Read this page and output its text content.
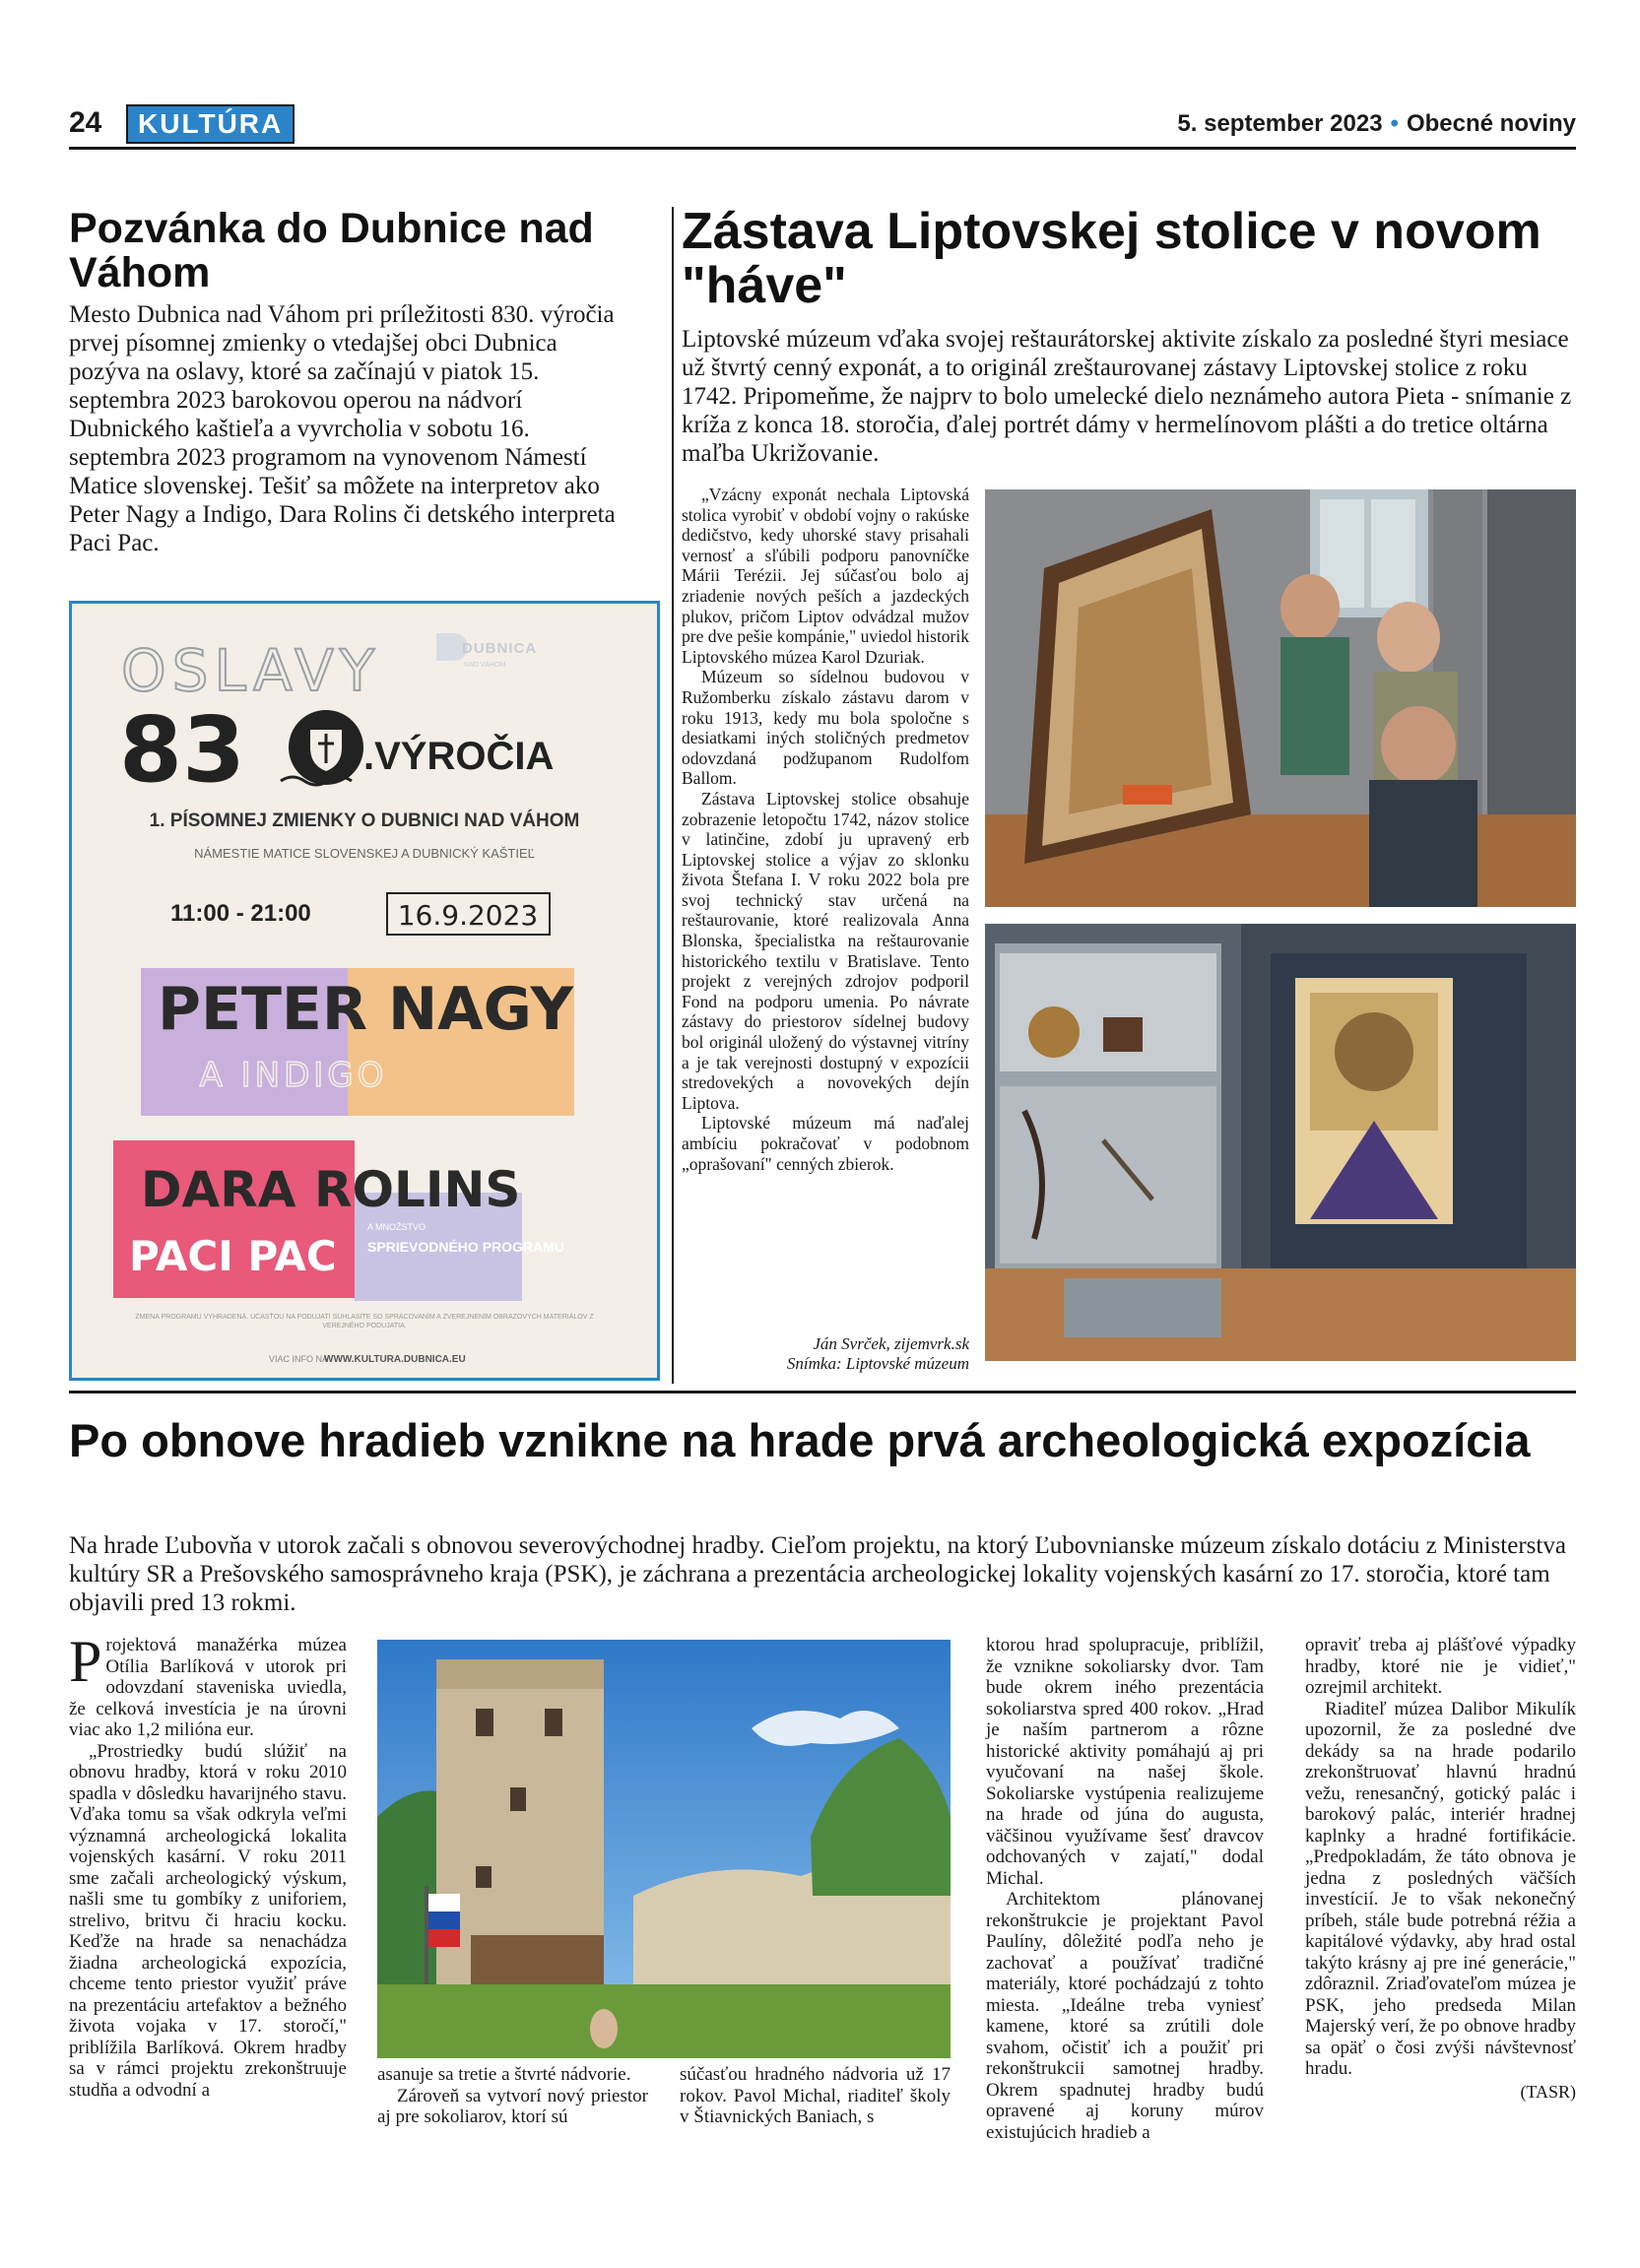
24	KULTÚRA	5. september 2023 • Obecné noviny
Pozvánka do Dubnice nad Váhom

Mesto Dubnica nad Váhom pri príležitosti 830. výročia prvej písomnej zmienky o vtedajšej obci Dubnica pozýva na oslavy, ktoré sa začínajú v piatok 15. septembra 2023 barokovou operou na nádvorí Dubnického kaštieľa a vyvrcholia v sobotu 16. septembra 2023 programom na vynovenom Námestí Matice slovenskej. Tešiť sa môžete na interpretov ako Peter Nagy a Indigo, Dara Rolins či detského interpreta Paci Pac.

DUBNICA
NAD VÁHOM
OSLAVY
83	.VÝROČIA
1. PÍSOMNEJ ZMIENKY O DUBNICI NAD VÁHOM
NÁMESTIE MATICE SLOVENSKEJ A DUBNICKÝ KAŠTIEĽ
11:00 - 21:00	16.9.2023
PETER NAGY
A INDIGO
DARA ROLINS
PACI PAC
A MNOŽSTVO
SPRIEVODNÉHO PROGRAMU
ZMENA PROGRAMU VYHRADENÁ. ÚČASŤOU NA PODUJATÍ SÚHLASÍTE SO SPRACOVANÍM A ZVEREJNENÍM OBRAZOVÝCH MATERIÁLOV Z VEREJNÉHO PODUJATIA.
VIAC INFO NA
WWW.KULTURA.DUBNICA.EU
Zástava Liptovskej stolice v novom "háve"

Liptovské múzeum vďaka svojej reštaurátorskej aktivite získalo za posledné štyri mesiace už štvrtý cenný exponát, a to originál zreštaurovanej zástavy Liptovskej stolice z roku 1742. Pripomeňme, že najprv to bolo umelecké dielo neznámeho autora Pieta - snímanie z kríža z konca 18. storočia, ďalej portrét dámy v hermelínovom plášti a do tretice oltárna maľba Ukrižovanie.

„Vzácny exponát nechala Liptovská stolica vyrobiť v období vojny o rakúske dedičstvo, kedy uhorské stavy prisahali vernosť a sľúbili podporu panovníčke Márii Terézii. Jej súčasťou bolo aj zriadenie nových peších a jazdeckých plukov, pričom Liptov odvádzal mužov pre dve pešie kompánie," uviedol historik Liptovského múzea Karol Dzuriak.

Múzeum so sídelnou budovou v Ružomberku získalo zástavu darom v roku 1913, kedy mu bola spoločne s desiatkami iných stoličných predmetov odovzdaná podžupanom Rudolfom Ballom.

Zástava Liptovskej stolice obsahuje zobrazenie letopočtu 1742, názov stolice v latinčine, zdobí ju upravený erb Liptovskej stolice a výjav zo sklonku života Štefana I. V roku 2022 bola pre svoj technický stav určená na reštaurovanie, ktoré realizovala Anna Blonska, špecialistka na reštaurovanie historického textilu v Bratislave. Tento projekt z verejných zdrojov podporil Fond na podporu umenia. Po návrate zástavy do priestorov sídelnej budovy bol originál uložený do výstavnej vitríny a je tak verejnosti dostupný v expozícii stredovekých a novovekých dejín Liptova.

Liptovské múzeum má naďalej ambíciu pokračovať v podobnom „oprašovaní" cenných zbierok.

Ján Svrček, zijemvrk.sk
Snímka: Liptovské múzeum
Po obnove hradieb vznikne na hrade prvá archeologická expozícia

Na hrade Ľubovňa v utorok začali s obnovou severovýchodnej hradby. Cieľom projektu, na ktorý Ľubovnianske múzeum získalo dotáciu z Ministerstva kultúry SR a Prešovského samosprávneho kraja (PSK), je záchrana a prezentácia archeologickej lokality vojenských kasární zo 17. storočia, ktoré tam objavili pred 13 rokmi.

Projektová manažérka múzea Otília Barlíková v utorok pri odovzdaní staveniska uviedla, že celková investícia je na úrovni viac ako 1,2 milióna eur.

„Prostriedky budú slúžiť na obnovu hradby, ktorá v roku 2010 spadla v dôsledku havarijného stavu. Vďaka tomu sa však odkryla veľmi významná archeologická lokalita vojenských kasární. V roku 2011 sme začali archeologický výskum, našli sme tu gombíky z uniforiem, strelivo, britvu či hraciu kocku. Keďže na hrade sa nenachádza žiadna archeologická expozícia, chceme tento priestor využiť práve na prezentáciu artefaktov a bežného života vojaka v 17. storočí," priblížila Barlíková. Okrem hradby sa v rámci projektu zrekonštruuje studňa a odvodní a

asanuje sa tretie a štvrté nádvorie.

Zároveň sa vytvorí nový priestor aj pre sokoliarov, ktorí sú

súčasťou hradného nádvoria už 17 rokov. Pavol Michal, riaditeľ školy v Štiavnických Baniach, s

ktorou hrad spolupracuje, priblížil, že vznikne sokoliarsky dvor. Tam bude okrem iného prezentácia sokoliarstva spred 400 rokov. „Hrad je naším partnerom a rôzne historické aktivity pomáhajú aj pri vyučovaní na našej škole. Sokoliarske vystúpenia realizujeme na hrade od júna do augusta, väčšinou využívame šesť dravcov odchovaných v zajatí," dodal Michal.

Architektom plánovanej rekonštrukcie je projektant Pavol Paulíny, dôležité podľa neho je zachovať a používať tradičné materiály, ktoré pochádzajú z tohto miesta. „Ideálne treba vyniesť kamene, ktoré sa zrútili dole svahom, očistiť ich a použiť pri rekonštrukcii samotnej hradby. Okrem spadnutej hradby budú opravené aj koruny múrov existujúcich hradieb a

opraviť treba aj plášťové výpadky hradby, ktoré nie je vidieť," ozrejmil architekt.

Riaditeľ múzea Dalibor Mikulík upozornil, že za posledné dve dekády sa na hrade podarilo zrekonštruovať hlavnú hradnú vežu, renesančný, gotický palác i barokový palác, interiér hradnej kaplnky a hradné fortifikácie. „Predpokladám, že táto obnova je jedna z posledných väčších investícií. Je to však nekonečný príbeh, stále bude potrebná réžia a kapitálové výdavky, aby hrad ostal takýto krásny aj pre iné generácie," zdôraznil. Zriaďovateľom múzea je PSK, jeho predseda Milan Majerský verí, že po obnove hradby sa opäť o čosi zvýši návštevnosť hradu.

(TASR)
